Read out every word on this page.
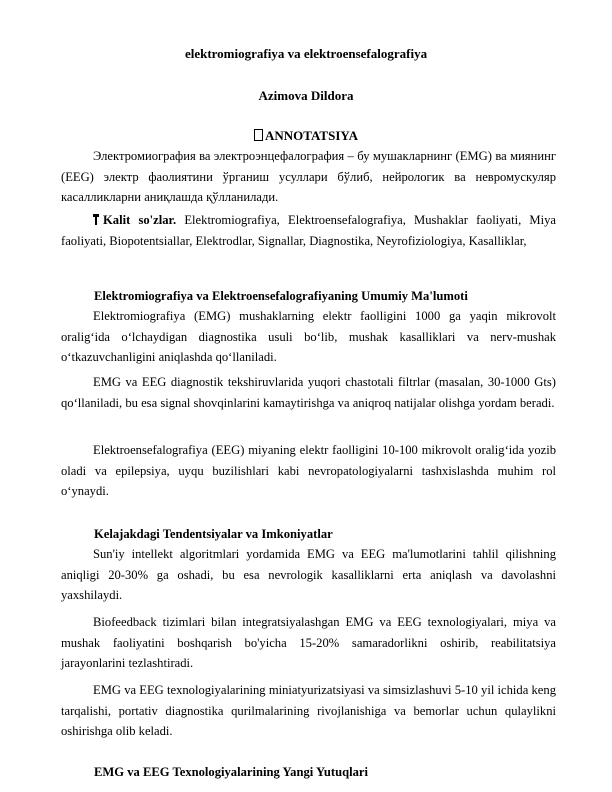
elektromiografiya va elektroensefalografiya
Azimova Dildora
ANNOTATSIYA
Электромиография ва электроэнцефалография – бу мушакларнинг (EMG) ва миянинг (EEG) электр фаолиятини ўрганиш усуллари бўлиб, нейрологик ва невромускуляр касалликларни аниқлашда қўлланилади.
Kalit so'zlar. Elektromiografiya, Elektroensefalografiya, Mushaklar faoliyati, Miya faoliyati, Biopotentsiallar, Elektrodlar, Signallar, Diagnostika, Neyrofiziologiya, Kasalliklar,
Elektromiografiya va Elektroensefalografiyaning Umumiy Ma'lumoti
Elektromiografiya (EMG) mushaklarning elektr faolligini 1000 ga yaqin mikrovolt oralig‘ida o‘lchaydigan diagnostika usuli bo‘lib, mushak kasalliklari va nerv-mushak o‘tkazuvchanligini aniqlashda qo‘llaniladi.
EMG va EEG diagnostik tekshiruvlarida yuqori chastotali filtrlar (masalan, 30-1000 Gts) qo‘llaniladi, bu esa signal shovqinlarini kamaytirishga va aniqroq natijalar olishga yordam beradi.
Elektroensefalografiya (EEG) miyaning elektr faolligini 10-100 mikrovolt oralig‘ida yozib oladi va epilepsiya, uyqu buzilishlari kabi nevropatologiyalarni tashxislashda muhim rol o‘ynaydi.
Kelajakdagi Tendentsiyalar va Imkoniyatlar
Sun'iy intellekt algoritmlari yordamida EMG va EEG ma'lumotlarini tahlil qilishning aniqligi 20-30% ga oshadi, bu esa nevrologik kasalliklarni erta aniqlash va davolashni yaxshilaydi.
Biofeedback tizimlari bilan integratsiyalashgan EMG va EEG texnologiyalari, miya va mushak faoliyatini boshqarish bo'yicha 15-20% samaradorlikni oshirib, reabilitatsiya jarayonlarini tezlashtiradi.
EMG va EEG texnologiyalarining miniatyurizatsiyasi va simsizlashuvi 5-10 yil ichida keng tarqalishi, portativ diagnostika qurilmalarining rivojlanishiga va bemorlar uchun qulaylikni oshirishga olib keladi.
EMG va EEG Texnologiyalarining Yangi Yutuqlari
